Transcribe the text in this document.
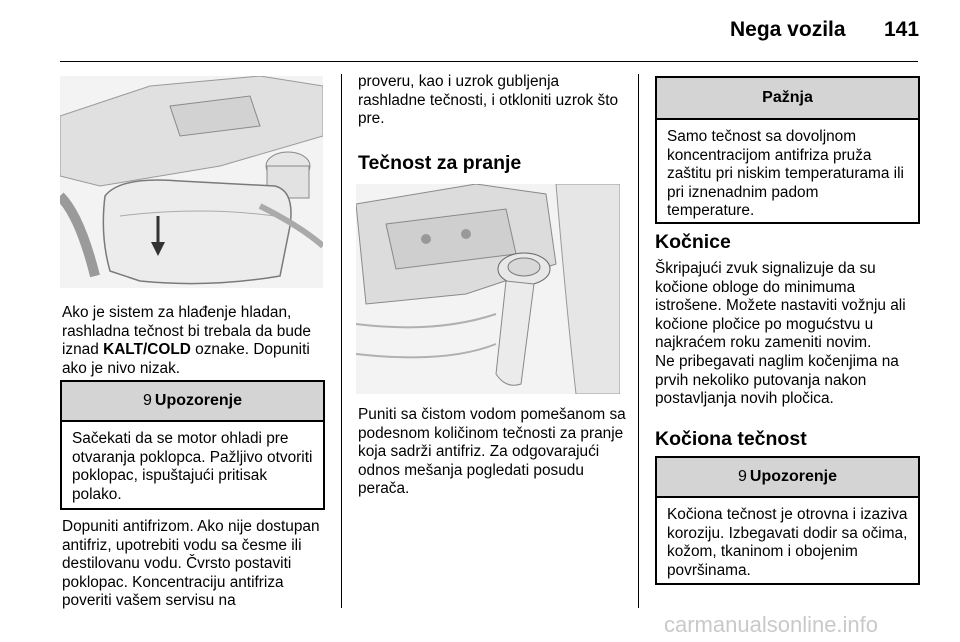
Nega vozila 141

Ako je sistem za hlađenje hladan, rashladna tečnost bi trebala da bude iznad KALT/COLD oznake. Dopuniti ako je nivo nizak.

9 Upozorenje
Sačekati da se motor ohladi pre otvaranja poklopca. Pažljivo otvoriti poklopac, ispuštajući pritisak polako.

Dopuniti antifrizom. Ako nije dostupan antifriz, upotrebiti vodu sa česme ili destilovanu vodu. Čvrsto postaviti poklopac. Koncentraciju antifriza poveriti vašem servisu na

proveru, kao i uzrok gubljenja rashladne tečnosti, i otkloniti uzrok što pre.

Tečnost za pranje

Puniti sa čistom vodom pomešanom sa podesnom količinom tečnosti za pranje koja sadrži antifriz. Za odgovarajući odnos mešanja pogledati posudu perača.

Pažnja
Samo tečnost sa dovoljnom koncentracijom antifriza pruža zaštitu pri niskim temperaturama ili pri iznenadnim padom temperature.
Kočnice

Škripajući zvuk signalizuje da su kočione obloge do minimuma istrošene. Možete nastaviti vožnju ali kočione pločice po mogućstvu u najkraćem roku zameniti novim.

Ne pribegavati naglim kočenjima na prvih nekoliko putovanja nakon postavljanja novih pločica.

Kočiona tečnost
9 Upozorenje
Kočiona tečnost je otrovna i izaziva koroziju. Izbegavati dodir sa očima, kožom, tkaninom i obojenim površinama.
carmanualsonline.info
